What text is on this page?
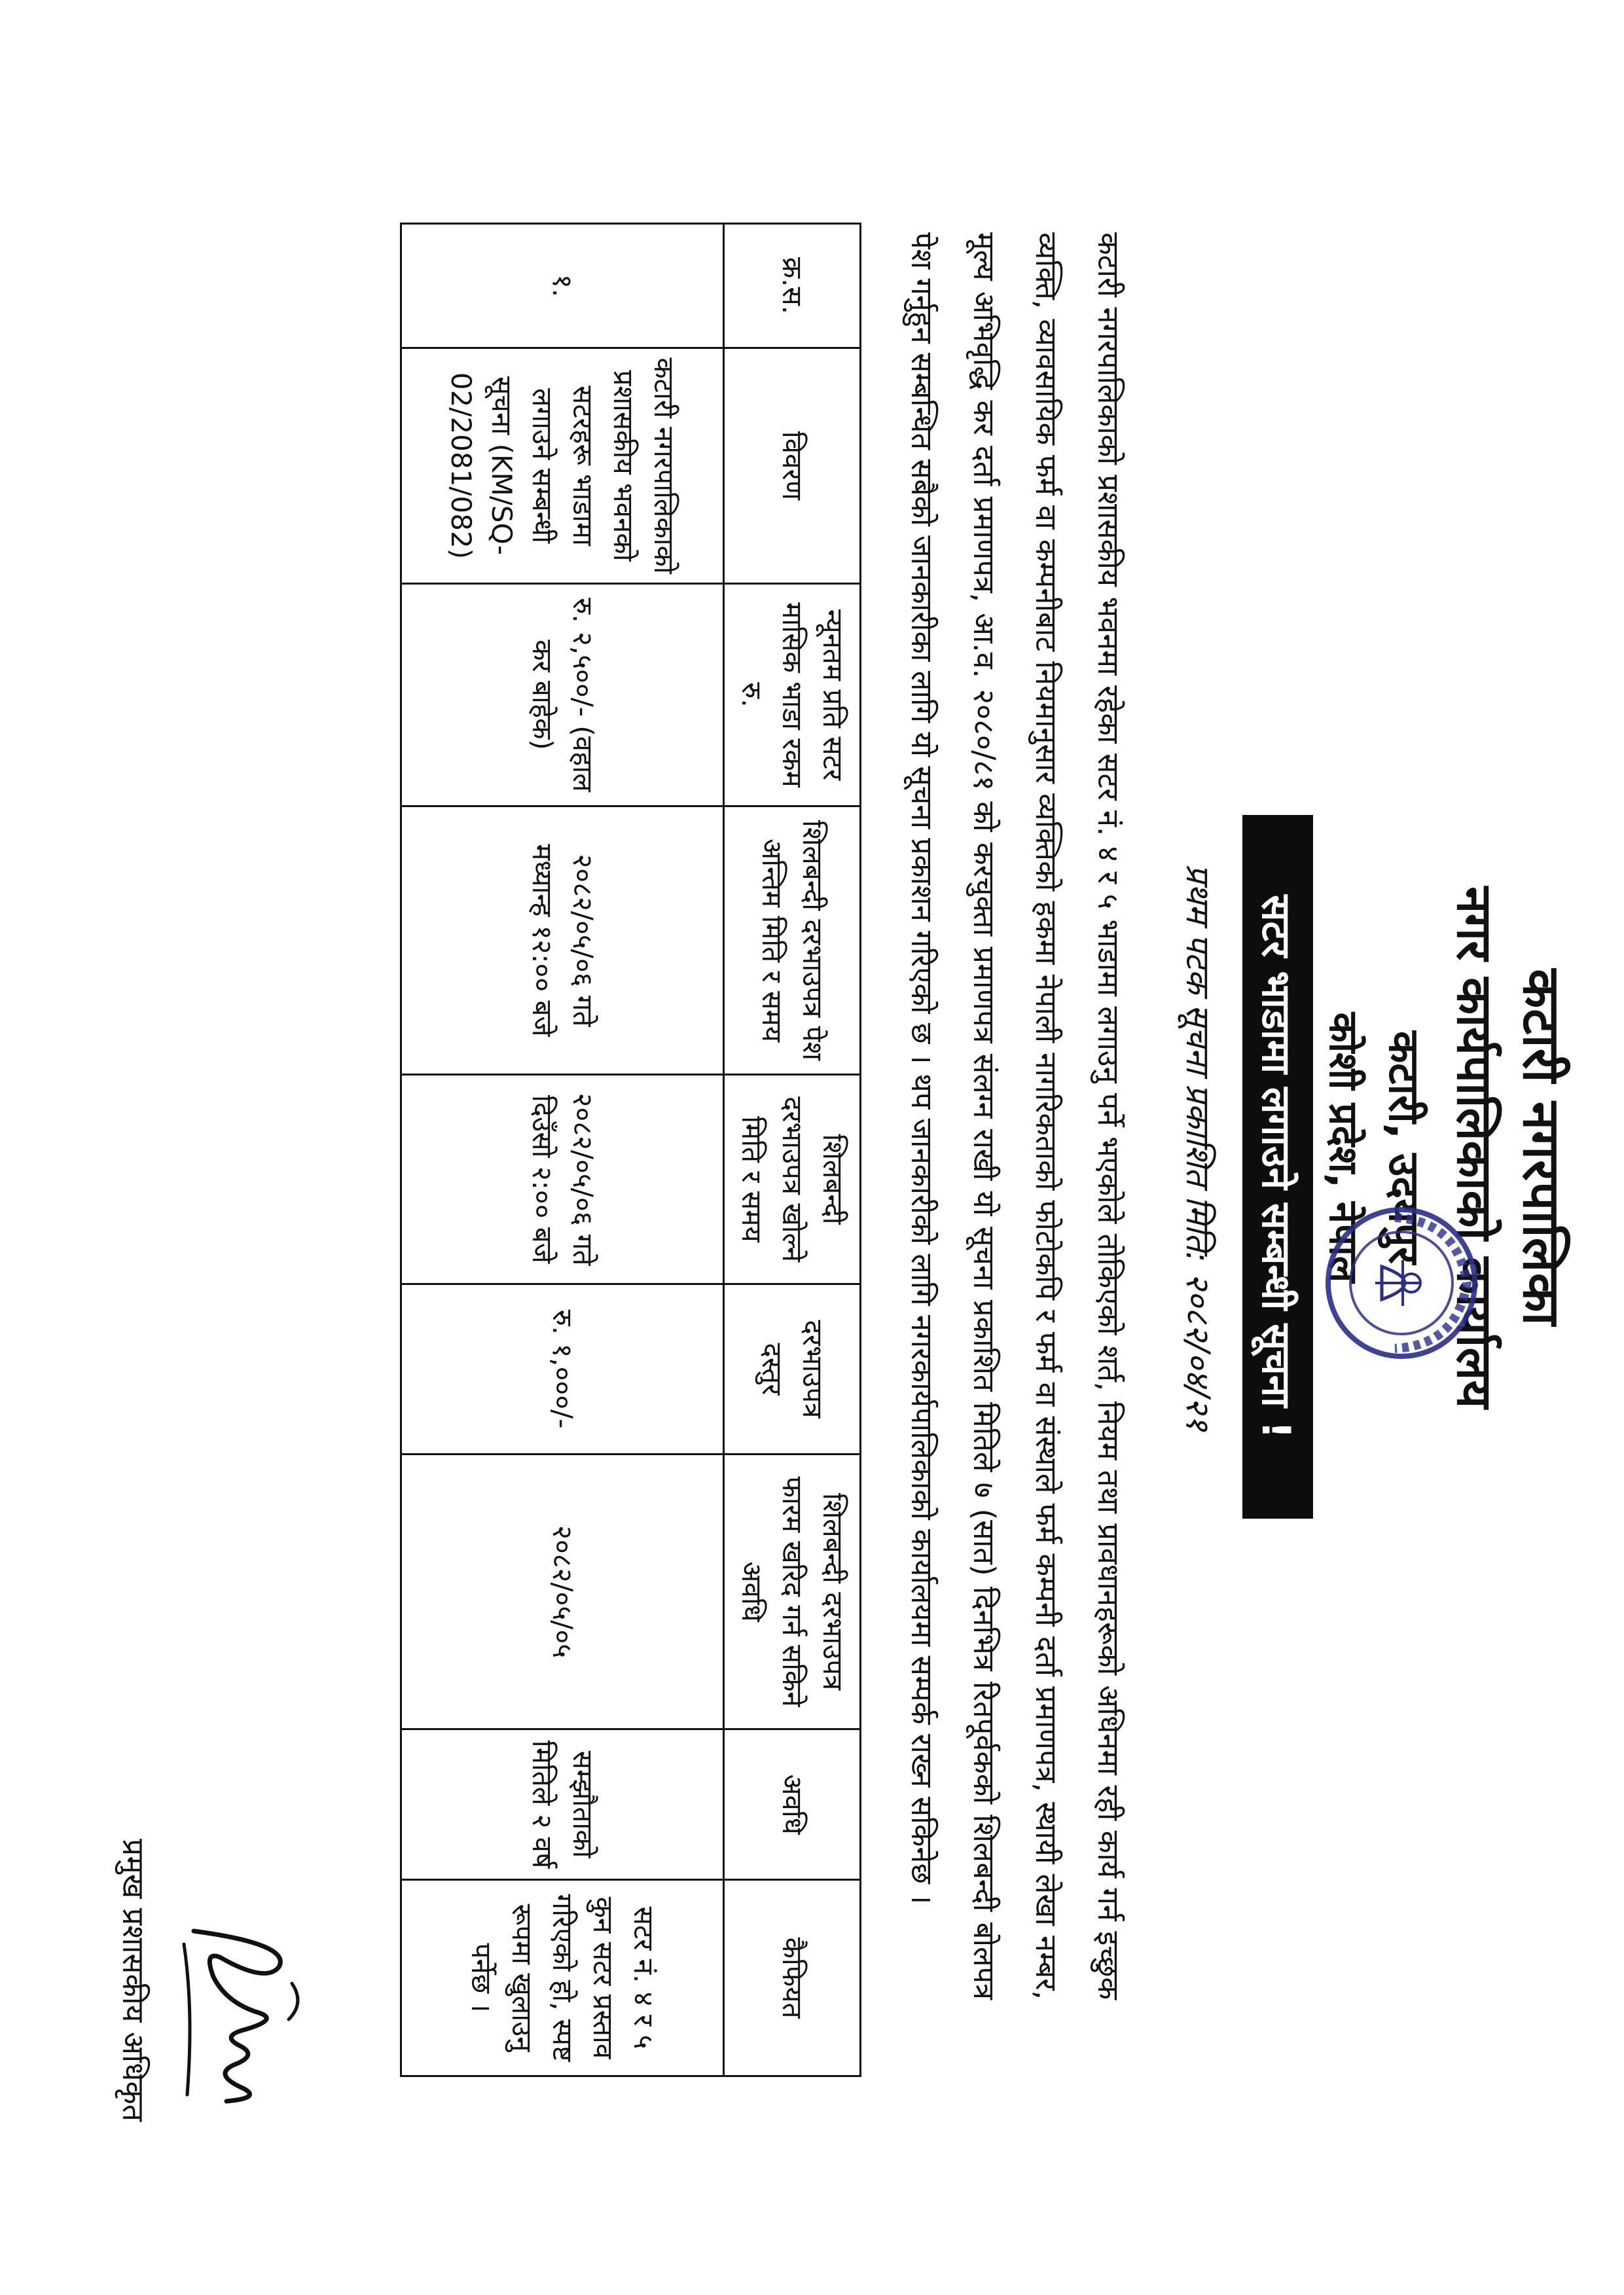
कटारी नगरपालिका
नगर कार्यपालिकाको कार्यालय
कटारी, उदयपुर
कोशी प्रदेश, नेपाल
सटर भाडामा लगाउने सम्बन्धी सूचना !
प्रथम पटक सूचना प्रकाशित मिति: २०८२/०४/२१
कटारी नगरपालिकाको प्रशासकीय भवनमा रहेका सटर नं. ४ र ५ भाडामा लगाउनु पर्ने भएकोले तोकिएको शर्त, नियम तथा प्रावधानहरूको अधिनमा रही कार्य गर्न इच्छुक व्यक्ति, व्यावसायिक फर्म वा कम्पनीबाट नियमानुसार व्यक्तिको हकमा नेपाली नागरिकताको फोटोकपि र फर्म वा संस्थाले फर्म कम्पनी दर्ता प्रमाणपत्र, स्थायी लेखा नम्बर, मूल्य अभिवृद्धि कर दर्ता प्रमाणपत्र, आ.व. २०८०/८१ को करचुक्ता प्रमाणपत्र संलग्न राखी यो सूचना प्रकाशित मितिले ७ (सात) दिनभित्र रितपूर्वकको शिलबन्दी बोलपत्र पेश गर्नुहुन सम्बन्धित सबैको जानकारीका लागि यो सूचना प्रकाशन गरिएको छ । थप जानकारीको लागि नगरकार्यपालिकाको कार्यालयमा सम्पर्क राख्न सकिनेछ ।
क्र.स.	विवरण	न्यूनतम प्रति सटर मासिक भाडा रकम रु.	शिलबन्दी दरभाउपत्र पेश अन्तिम मिति र समय	शिलबन्दी दरभाउपत्र खोल्ने मिति र समय	दरभाउपत्र दस्तुर	शिलबन्दी दरभाउपत्र फारम खरिद गर्न सकिने अवधि	अवधि	कैफियत
१.	कटारी नगरपालिकाको प्रशासकीय भवनको सटरहरू भाडामा लगाउने सम्बन्धी सूचना (KM/SQ-02/2081/082)	रु. २,५००/- (वहाल कर बाहेक)	२०८२/०५/०६ गते मध्यान्ह १२:०० बजे	२०८२/०५/०६ गते दिउँसो २:०० बजे	रु. १,०००/-	२०८२/०५/०५	सम्झौताको मितिले २ वर्ष	सटर नं. ४ र ५ कुन सटर प्रस्ताव गरिएको हो, स्पष्ट रूपमा खुलाउनु पर्नेछ ।
प्रमुख प्रशासकीय अधिकृत
